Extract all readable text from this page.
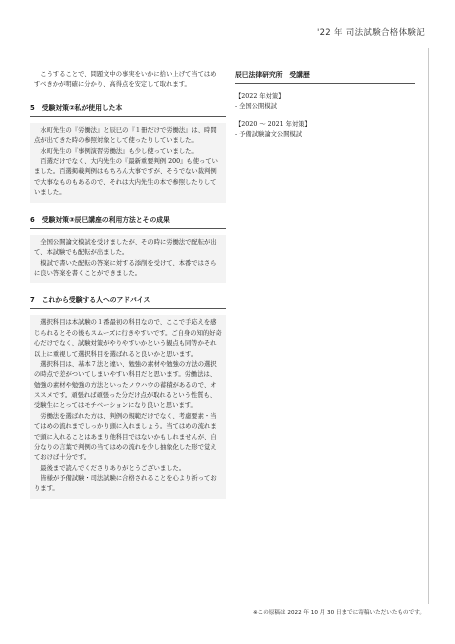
'22 年 司法試験合格体験記

こうすることで、問題文中の事実をいかに拾い上げて当てはめすべきかが明確に分かり、高得点を安定して取れます。

5 受験対策②私が使用した本

水町先生の『労働法』と辰巳の『１冊だけで労働法』は、時間点が出てきた時の参照対象として使ったりしていました。

水町先生の『事例演習労働法』も少し使っていました。

百選だけでなく、大内先生の『最新重要判例 200』も使っていました。百選掲載判例はもちろん大事ですが、そうでない裁判例で大事なものもあるので、それは大内先生の本で参照したりしていました。

6 受験対策③辰巳講座の利用方法とその成果

全国公開論文模試を受けましたが、その時に労働法で配転が出て、本試験でも配転が出ました。

模試で書いた配転の答案に対する添削を受けて、本番ではさらに良い答案を書くことができました。

7 これから受験する人へのアドバイス

選択科目は本試験の１番最初の科目なので、ここで手応えを感じられるとその後もスムーズに行きやすいです。ご自身の知的好奇心だけでなく、試験対策がやりやすいかという観点も同等かそれ以上に重視して選択科目を選ばれると良いかと思います。

選択科目は、基本７法と違い、勉強の素材や勉強の方法の選択の時点で差がついてしまいやすい科目だと思います。労働法は、勉強の素材や勉強の方法といったノウハウの蓄積があるので、オススメです。頑張れば頑張った分だけ点が取れるという性質も、受験生にとってはモチベーションになり良いと思います。

労働法を選ばれた方は、判例の規範だけでなく、考慮要素・当てはめの流れまでしっかり頭に入れましょう。当てはめの流れまで頭に入れることはあまり他科目ではないかもしれませんが、自分なりの言葉で判例の当てはめの流れを少し抽象化した形で覚えておけば十分です。

最後まで読んでくださりありがとうございました。

皆様が予備試験・司法試験に合格されることを心より祈っております。

辰巳法律研究所　受講歴
【2022 年対策】
- 全国公開模試
【2020 ～ 2021 年対策】
- 予備試験論文公開模試
※この原稿は 2022 年 10 月 30 日までに寄稿いただいたものです。
